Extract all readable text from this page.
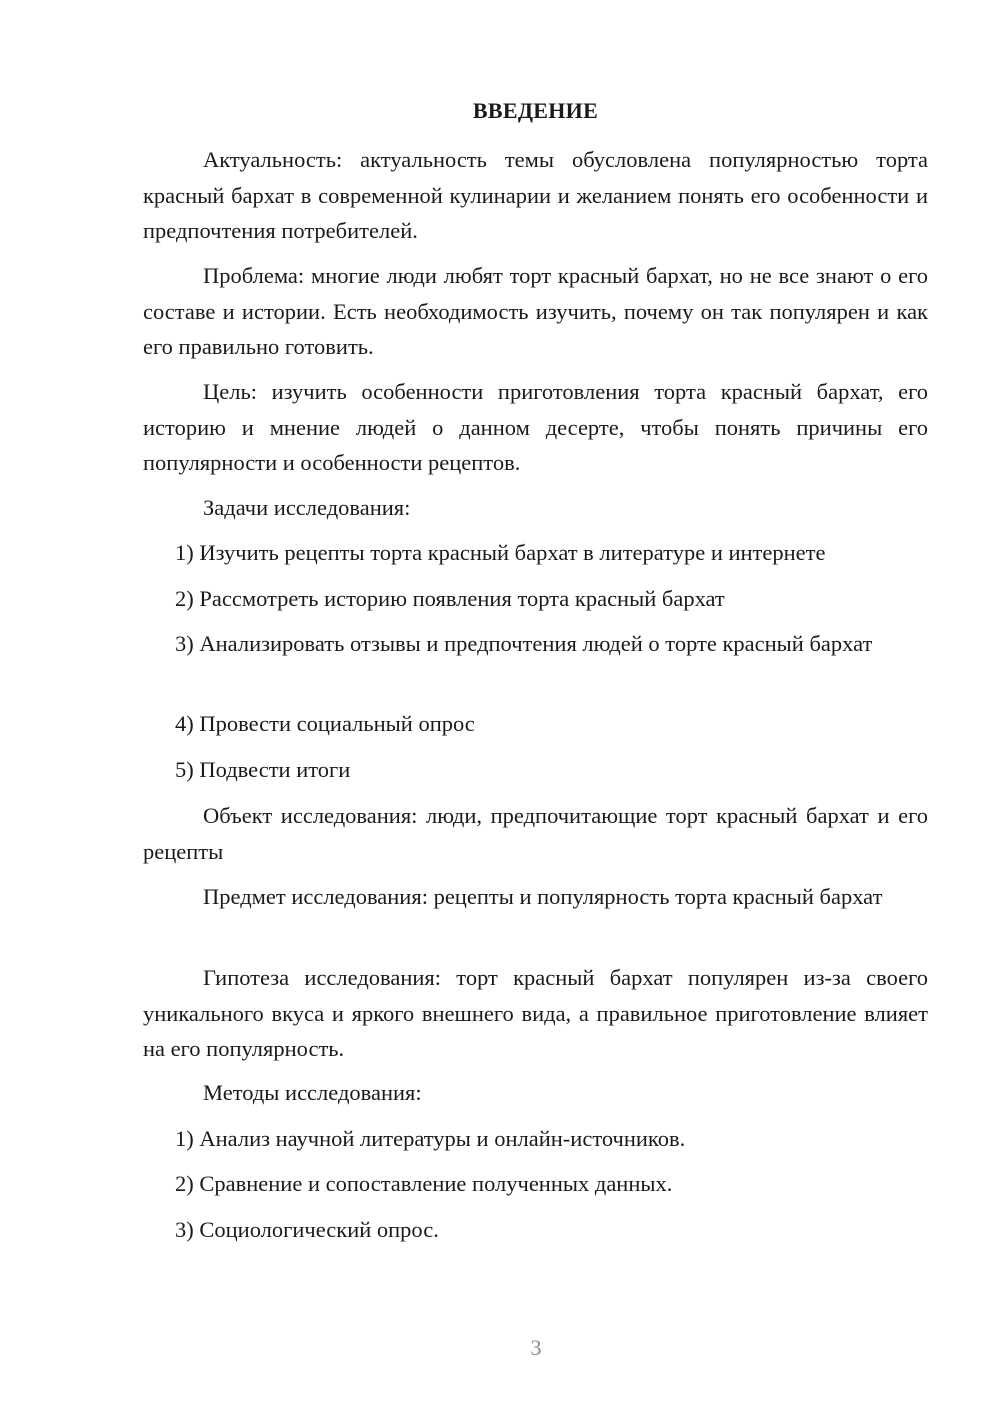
ВВЕДЕНИЕ
Актуальность: актуальность темы обусловлена популярностью торта красный бархат в современной кулинарии и желанием понять его особенности и предпочтения потребителей.
Проблема: многие люди любят торт красный бархат, но не все знают о его составе и истории. Есть необходимость изучить, почему он так популярен и как его правильно готовить.
Цель: изучить особенности приготовления торта красный бархат, его историю и мнение людей о данном десерте, чтобы понять причины его популярности и особенности рецептов.
Задачи исследования:
1) Изучить рецепты торта красный бархат в литературе и интернете
2) Рассмотреть историю появления торта красный бархат
3) Анализировать отзывы и предпочтения людей о торте красный бархат
4) Провести социальный опрос
5) Подвести итоги
Объект исследования: люди, предпочитающие торт красный бархат и его рецепты
Предмет исследования: рецепты и популярность торта красный бархат
Гипотеза исследования: торт красный бархат популярен из-за своего уникального вкуса и яркого внешнего вида, а правильное приготовление влияет на его популярность.
Методы исследования:
1) Анализ научной литературы и онлайн-источников.
2) Сравнение и сопоставление полученных данных.
3) Социологический опрос.
3
